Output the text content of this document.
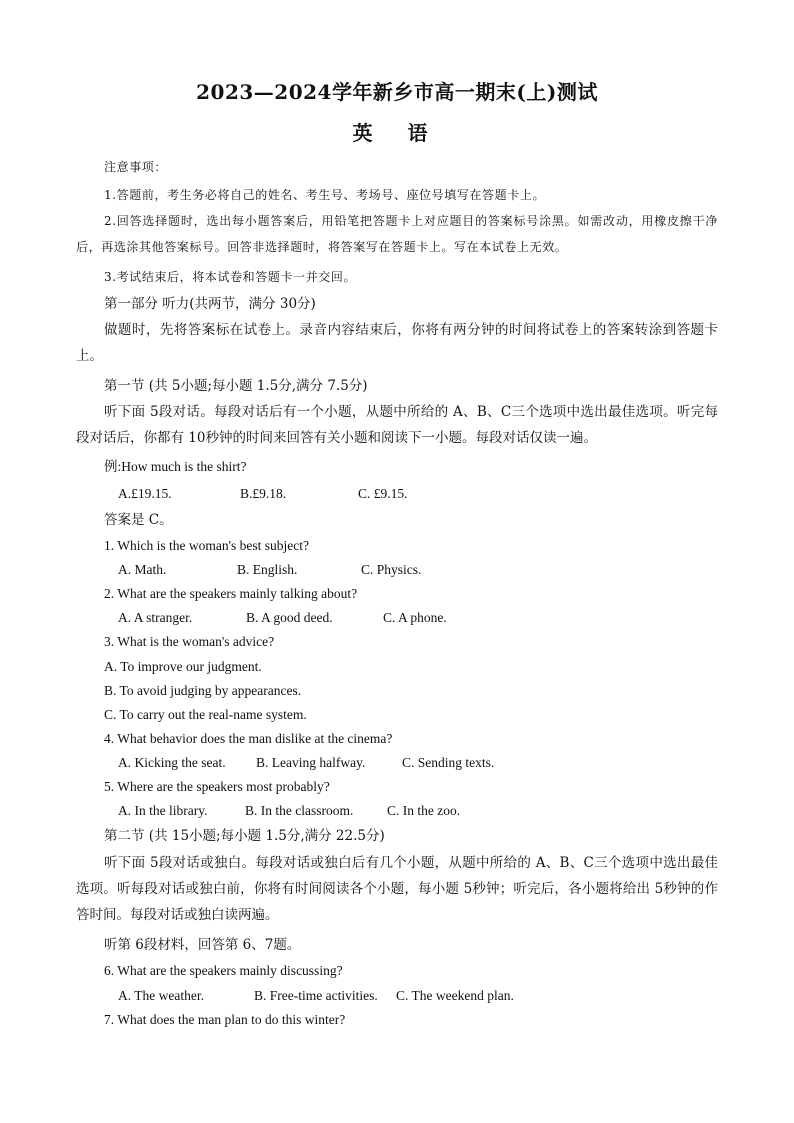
2023—2024学年新乡市高一期末(上)测试
英 语
注意事项：
1.答题前，考生务必将自己的姓名、考生号、考场号、座位号填写在答题卡上。
2.回答选择题时，选出每小题答案后，用铅笔把答题卡上对应题目的答案标号涂黑。如需改动，用橡皮擦干净后，再选涂其他答案标号。回答非选择题时，将答案写在答题卡上。写在本试卷上无效。
3.考试结束后，将本试卷和答题卡一并交回。
第一部分 听力(共两节，满分 30分)
做题时，先将答案标在试卷上。录音内容结束后，你将有两分钟的时间将试卷上的答案转涂到答题卡上。
第一节 (共 5小题;每小题 1.5分,满分 7.5分)
听下面 5段对话。每段对话后有一个小题，从题中所给的 A、B、C三个选项中选出最佳选项。听完每段对话后，你都有 10秒钟的时间来回答有关小题和阅读下一小题。每段对话仅读一遍。
例:How much is the shirt?
A.£19.15.	B.£9.18.	C. £9.15.
答案是 C。
1. Which is the woman's best subject?
A. Math.	B. English.	C. Physics.
2. What are the speakers mainly talking about?
A. A stranger.	B. A good deed.	C. A phone.
3. What is the woman's advice?
A. To improve our judgment.
B. To avoid judging by appearances.
C. To carry out the real-name system.
4. What behavior does the man dislike at the cinema?
A. Kicking the seat. B. Leaving halfway.	C. Sending texts.
5. Where are the speakers most probably?
A. In the library.	B. In the classroom. C. In the zoo.
第二节 (共 15小题;每小题 1.5分,满分 22.5分)
听下面 5段对话或独白。每段对话或独白后有几个小题，从题中所给的 A、B、C三个选项中选出最佳选项。听每段对话或独白前，你将有时间阅读各个小题，每小题 5秒钟；听完后，各小题将给出 5秒钟的作答时间。每段对话或独白读两遍。
听第 6段材料，回答第 6、7题。
6. What are the speakers mainly discussing?
A. The weather.	B. Free-time activities. C. The weekend plan.
7. What does the man plan to do this winter?
